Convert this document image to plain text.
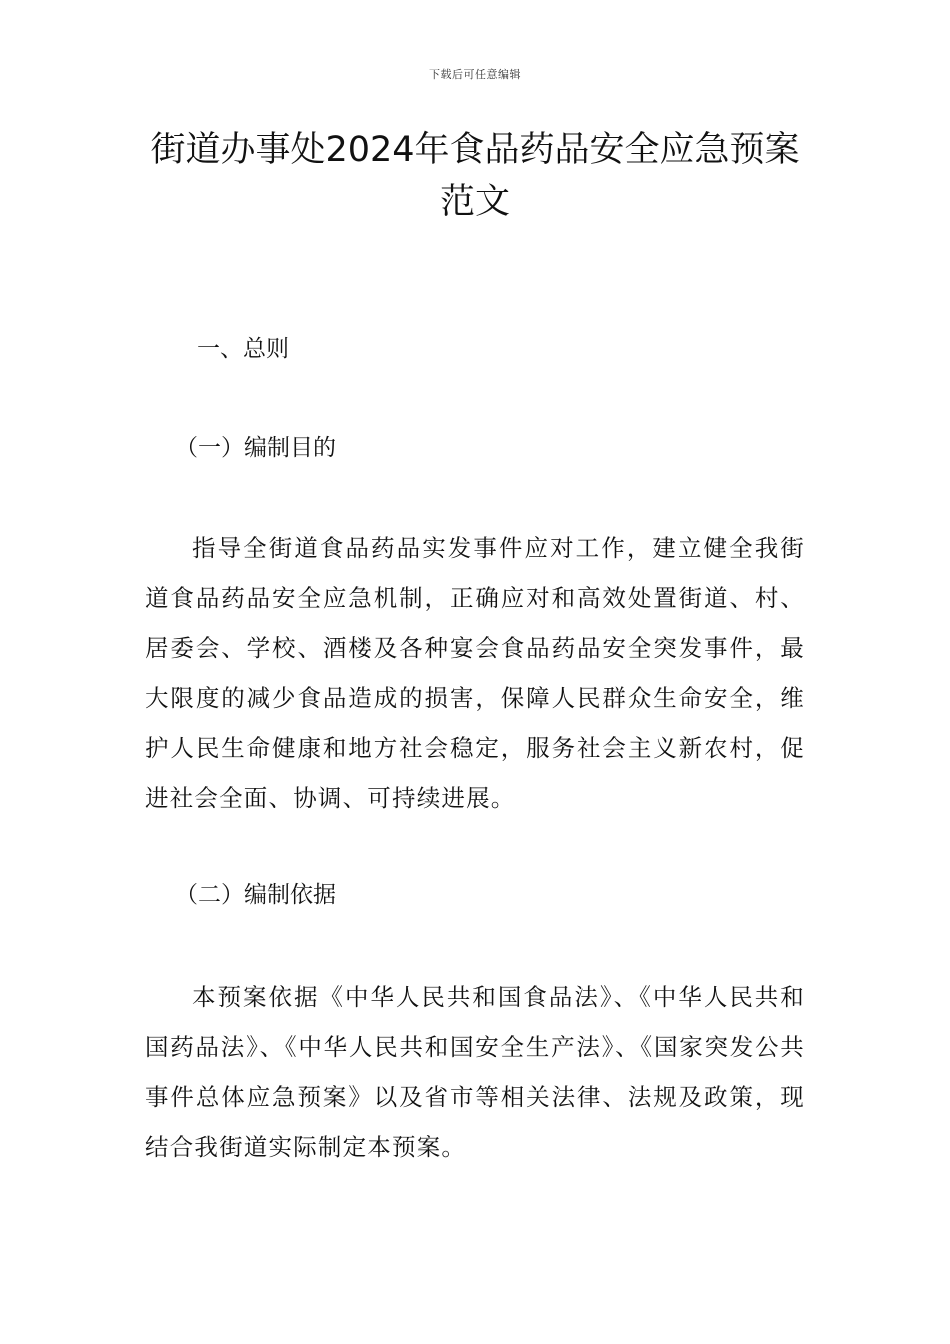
下载后可任意编辑
街道办事处2024年食品药品安全应急预案范文
一、总则
（一）编制目的

指导全街道食品药品实发事件应对工作，建立健全我街道食品药品安全应急机制，正确应对和高效处置街道、村、居委会、学校、酒楼及各种宴会食品药品安全突发事件，最大限度的减少食品造成的损害，保障人民群众生命安全，维护人民生命健康和地方社会稳定，服务社会主义新农村，促进社会全面、协调、可持续进展。

（二）编制依据

本预案依据《中华人民共和国食品法》、《中华人民共和国药品法》、《中华人民共和国安全生产法》、《国家突发公共事件总体应急预案》以及省市等相关法律、法规及政策，现结合我街道实际制定本预案。
